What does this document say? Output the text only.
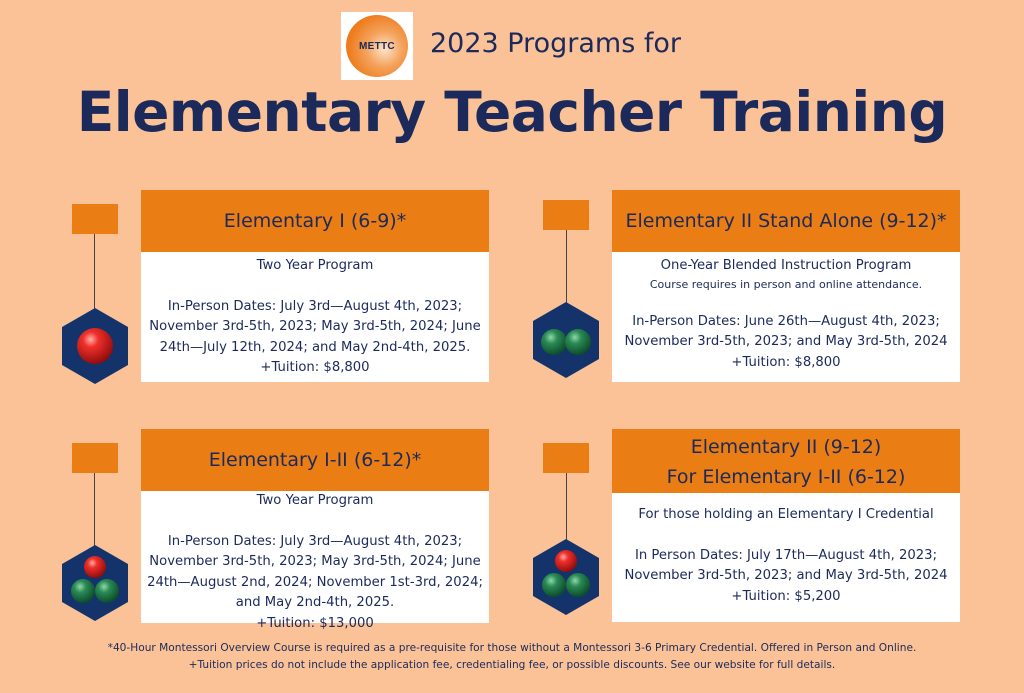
METTC 2023 Programs for
Elementary Teacher Training
Elementary I (6-9)*
Two Year Program
In-Person Dates: July 3rd—August 4th, 2023;
November 3rd-5th, 2023; May 3rd-5th, 2024; June
24th—July 12th, 2024; and May 2nd-4th, 2025.
+Tuition: $8,800
Elementary II Stand Alone (9-12)*
One-Year Blended Instruction Program
Course requires in person and online attendance.
In-Person Dates: June 26th—August 4th, 2023;
November 3rd-5th, 2023; and May 3rd-5th, 2024
+Tuition: $8,800
Elementary I-II (6-12)*
Two Year Program
In-Person Dates: July 3rd—August 4th, 2023;
November 3rd-5th, 2023; May 3rd-5th, 2024; June
24th—August 2nd, 2024; November 1st-3rd, 2024;
and May 2nd-4th, 2025.
+Tuition: $13,000
Elementary II (9-12)
For Elementary I-II (6-12)
For those holding an Elementary I Credential
In Person Dates: July 17th—August 4th, 2023;
November 3rd-5th, 2023; and May 3rd-5th, 2024
+Tuition: $5,200
*40-Hour Montessori Overview Course is required as a pre-requisite for those without a Montessori 3-6 Primary Credential. Offered in Person and Online.
+Tuition prices do not include the application fee, credentialing fee, or possible discounts. See our website for full details.
